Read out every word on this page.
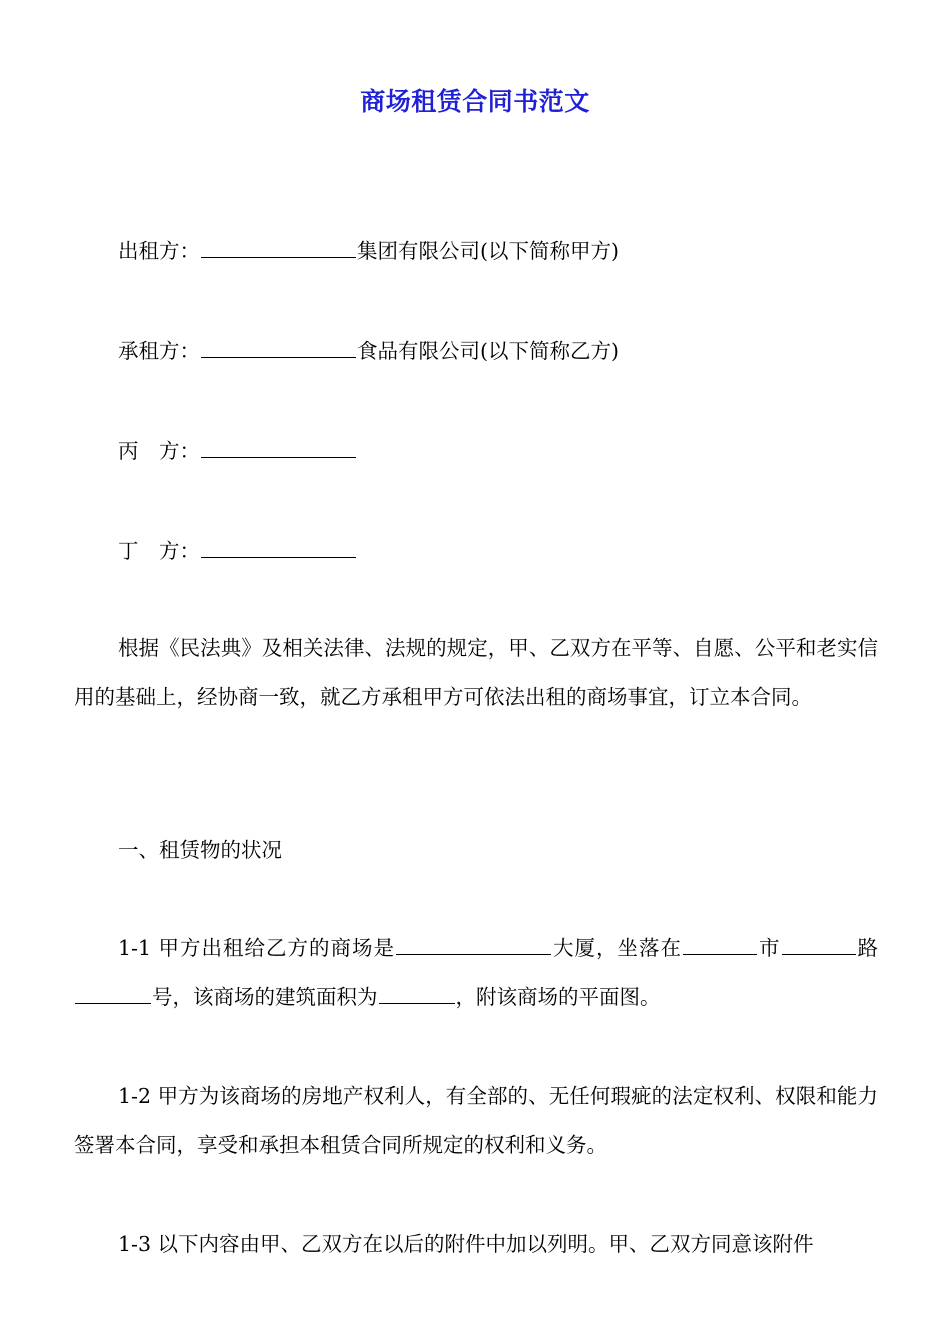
商场租赁合同书范文
出租方：	集团有限公司(以下简称甲方)
承租方：	食品有限公司(以下简称乙方)
丙　方：
丁　方：
根据《民法典》及相关法律、法规的规定，甲、乙双方在平等、自愿、公平和老实信用的基础上，经协商一致，就乙方承租甲方可依法出租的商场事宜，订立本合同。
一、租赁物的状况
1-1 甲方出租给乙方的商场是	大厦，坐落在	市	路号，该商场的建筑面积为	，附该商场的平面图。
1-2 甲方为该商场的房地产权利人，有全部的、无任何瑕疵的法定权利、权限和能力签署本合同，享受和承担本租赁合同所规定的权利和义务。
1-3 以下内容由甲、乙双方在以后的附件中加以列明。甲、乙双方同意该附件
